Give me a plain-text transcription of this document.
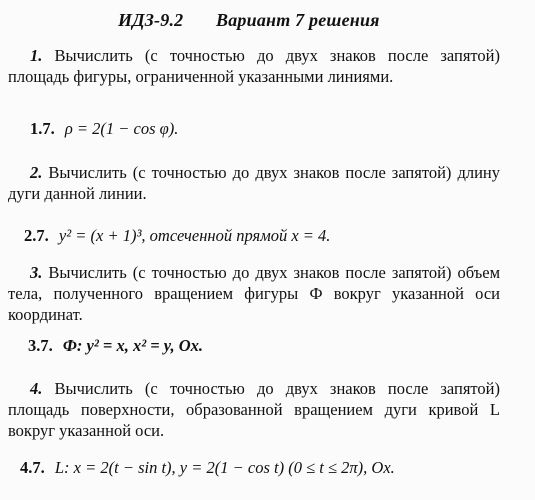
ИДЗ-9.2 Вариант 7 решения
1. Вычислить (с точностью до двух знаков после запятой) площадь фигуры, ограниченной указанными линиями.
1.7. ρ = 2(1 − cos φ).
2. Вычислить (с точностью до двух знаков после запятой) длину дуги данной линии.
2.7. y² = (x + 1)³, отсеченной прямой x = 4.
3. Вычислить (с точностью до двух знаков после запятой) объем тела, полученного вращением фигуры Ф вокруг указанной оси координат.
3.7. Ф: y² = x, x² = y, Ox.
4. Вычислить (с точностью до двух знаков после запятой) площадь поверхности, образованной вращением дуги кривой L вокруг указанной оси.
4.7. L: x = 2(t − sin t), y = 2(1 − cos t) (0 ≤ t ≤ 2π), Ox.
